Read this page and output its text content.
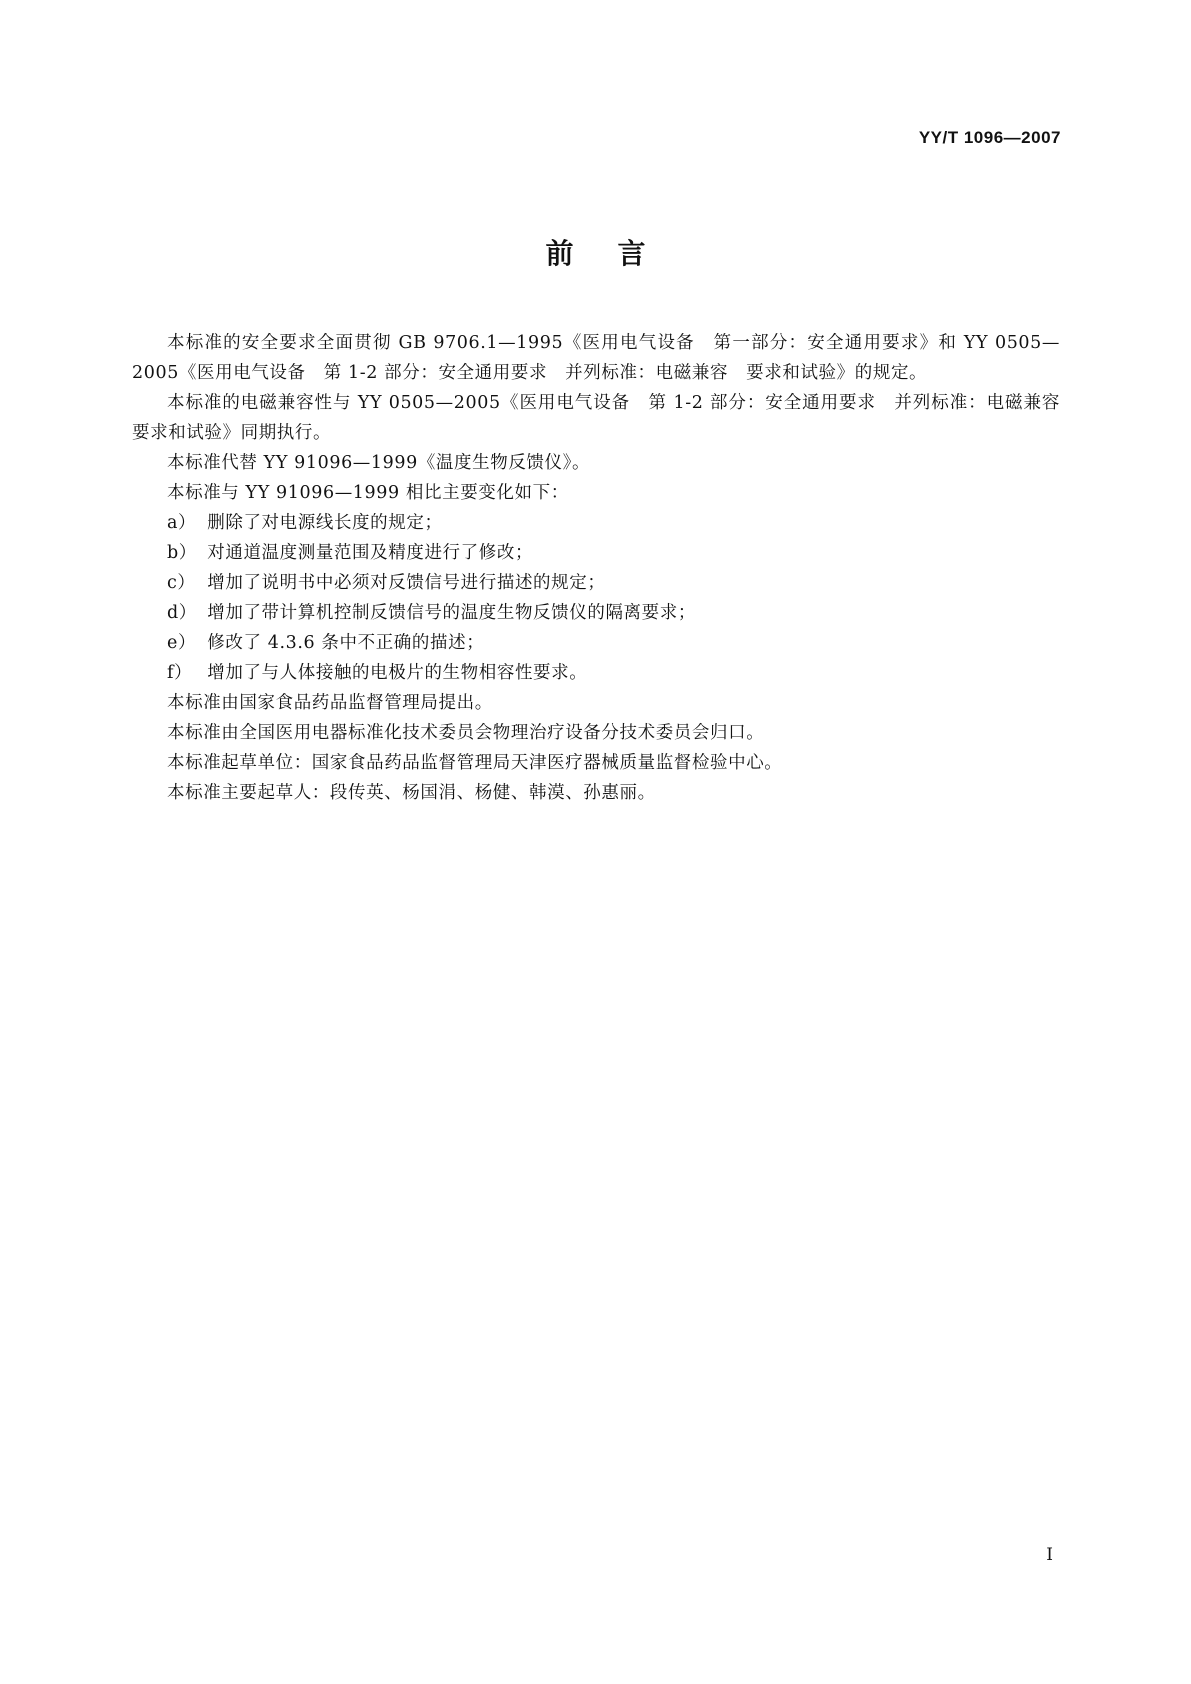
YY/T 1096—2007
前言

本标准的安全要求全面贯彻 GB 9706.1—1995《医用电气设备　第一部分：安全通用要求》和 YY 0505—2005《医用电气设备　第 1-2 部分：安全通用要求　并列标准：电磁兼容　要求和试验》的规定。

本标准的电磁兼容性与 YY 0505—2005《医用电气设备　第 1-2 部分：安全通用要求　并列标准：电磁兼容　要求和试验》同期执行。

本标准代替 YY 91096—1999《温度生物反馈仪》。

本标准与 YY 91096—1999 相比主要变化如下：

a） 删除了对电源线长度的规定；
b） 对通道温度测量范围及精度进行了修改；
c） 增加了说明书中必须对反馈信号进行描述的规定；
d） 增加了带计算机控制反馈信号的温度生物反馈仪的隔离要求；
e） 修改了 4.3.6 条中不正确的描述；
f） 增加了与人体接触的电极片的生物相容性要求。

本标准由国家食品药品监督管理局提出。

本标准由全国医用电器标准化技术委员会物理治疗设备分技术委员会归口。

本标准起草单位：国家食品药品监督管理局天津医疗器械质量监督检验中心。

本标准主要起草人：段传英、杨国涓、杨健、韩漠、孙惠丽。

I
